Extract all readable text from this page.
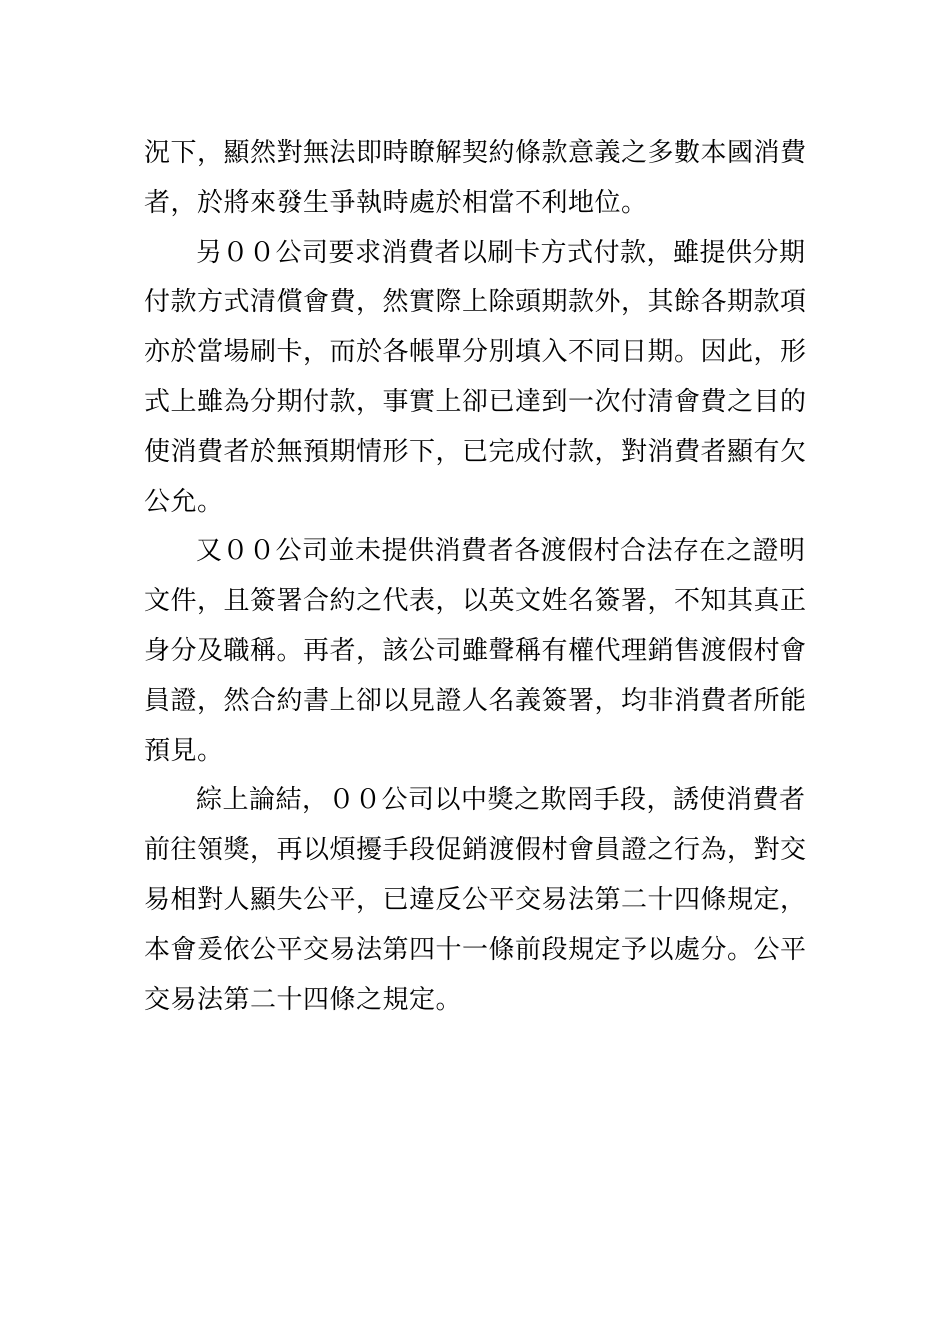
況下，顯然對無法即時瞭解契約條款意義之多數本國消費
者，於將來發生爭執時處於相當不利地位。

另００公司要求消費者以刷卡方式付款，雖提供分期
付款方式清償會費，然實際上除頭期款外，其餘各期款項
亦於當場刷卡，而於各帳單分別填入不同日期。因此，形
式上雖為分期付款，事實上卻已達到一次付清會費之目的
使消費者於無預期情形下，已完成付款，對消費者顯有欠
公允。

又００公司並未提供消費者各渡假村合法存在之證明
文件，且簽署合約之代表，以英文姓名簽署，不知其真正
身分及職稱。再者，該公司雖聲稱有權代理銷售渡假村會
員證，然合約書上卻以見證人名義簽署，均非消費者所能
預見。

綜上論結，００公司以中獎之欺罔手段，誘使消費者
前往領獎，再以煩擾手段促銷渡假村會員證之行為，對交
易相對人顯失公平，已違反公平交易法第二十四條規定，
本會爰依公平交易法第四十一條前段規定予以處分。公平
交易法第二十四條之規定。
